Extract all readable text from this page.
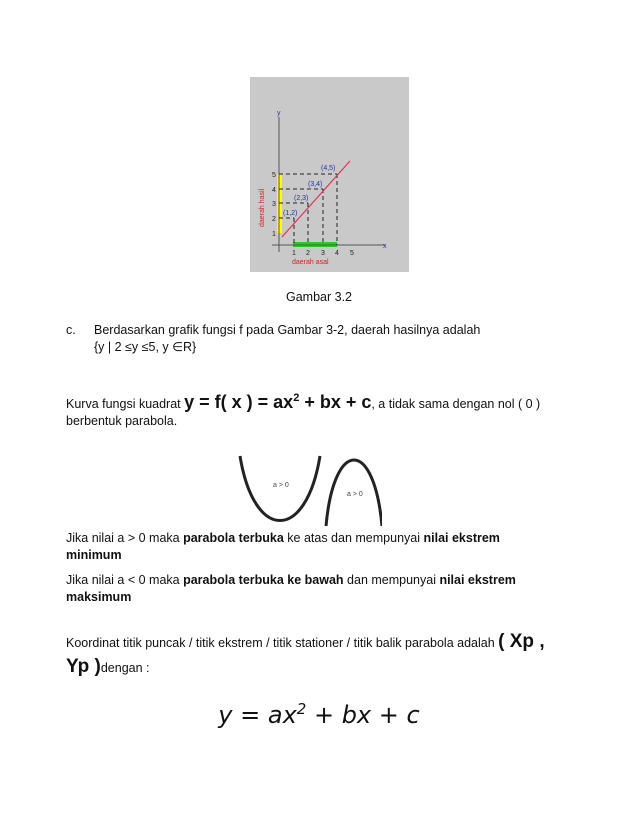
y
x
5
4
3
2
1
1 2 3 4 5
(1,2)
(2,3)
(3,4)
(4,5)
daerah hasil
daerah asal
Gambar 3.2
c. Berdasarkan grafik fungsi f pada Gambar 3-2, daerah hasilnya adalah
{y | 2 ≤y ≤5, y ∈R}
Kurva fungsi kuadrat y = f( x ) = $ax^2$ + bx + c, a tidak sama dengan nol ( 0 )
berbentuk parabola.
a > 0
a > 0
Jika nilai a > 0 maka parabola terbuka ke atas dan mempunyai nilai ekstrem
minimum
Jika nilai a < 0 maka parabola terbuka ke bawah dan mempunyai nilai ekstrem
maksimum
Koordinat titik puncak / titik ekstrem / titik stationer / titik balik parabola adalah ( Xp ,
Yp )dengan :
$y = ax^2$ + bx + c
